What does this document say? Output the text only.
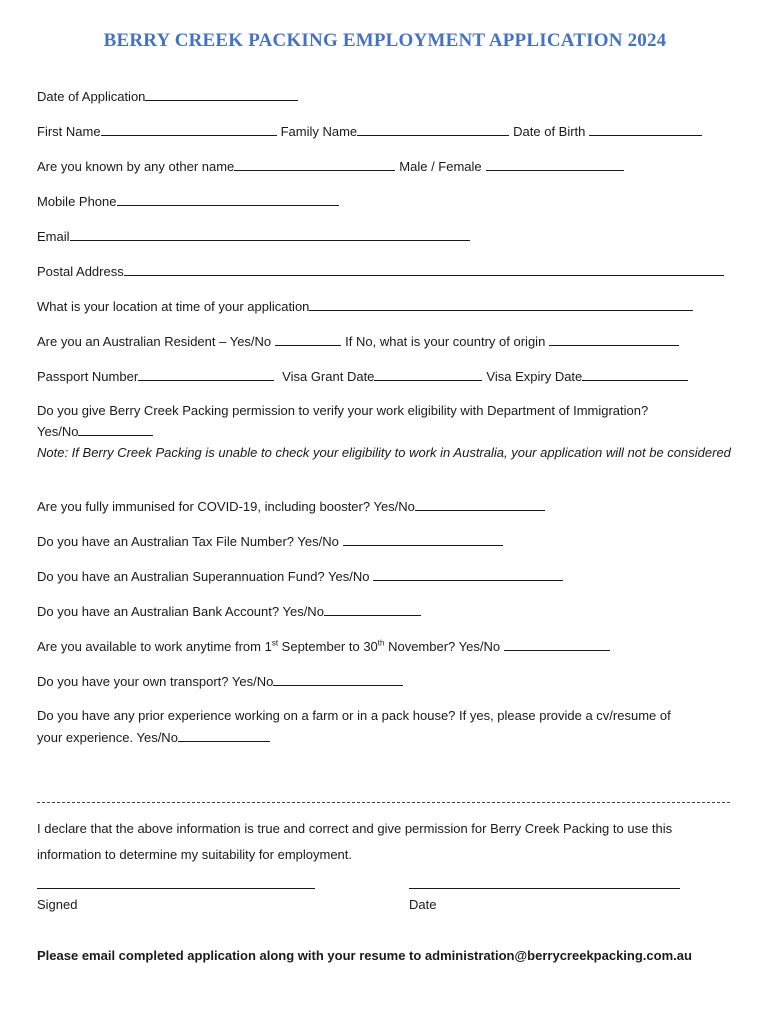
BERRY CREEK PACKING EMPLOYMENT APPLICATION 2024
Date of Application
First Name	Family Name	Date of Birth
Are you known by any other name	Male / Female
Mobile Phone
Email
Postal Address
What is your location at time of your application
Are you an Australian Resident – Yes/No	If No, what is your country of origin
Passport Number	Visa Grant Date	Visa Expiry Date
Do you give Berry Creek Packing permission to verify your work eligibility with Department of Immigration?
Yes/No
Note: If Berry Creek Packing is unable to check your eligibility to work in Australia, your application will not be considered
Are you fully immunised for COVID-19, including booster? Yes/No
Do you have an Australian Tax File Number? Yes/No
Do you have an Australian Superannuation Fund? Yes/No
Do you have an Australian Bank Account? Yes/No
Are you available to work anytime from 1st September to 30th November? Yes/No
Do you have your own transport? Yes/No
Do you have any prior experience working on a farm or in a pack house? If yes, please provide a cv/resume of
your experience. Yes/No
I declare that the above information is true and correct and give permission for Berry Creek Packing to use this
information to determine my suitability for employment.
Signed	Date
Please email completed application along with your resume to administration@berrycreekpacking.com.au
